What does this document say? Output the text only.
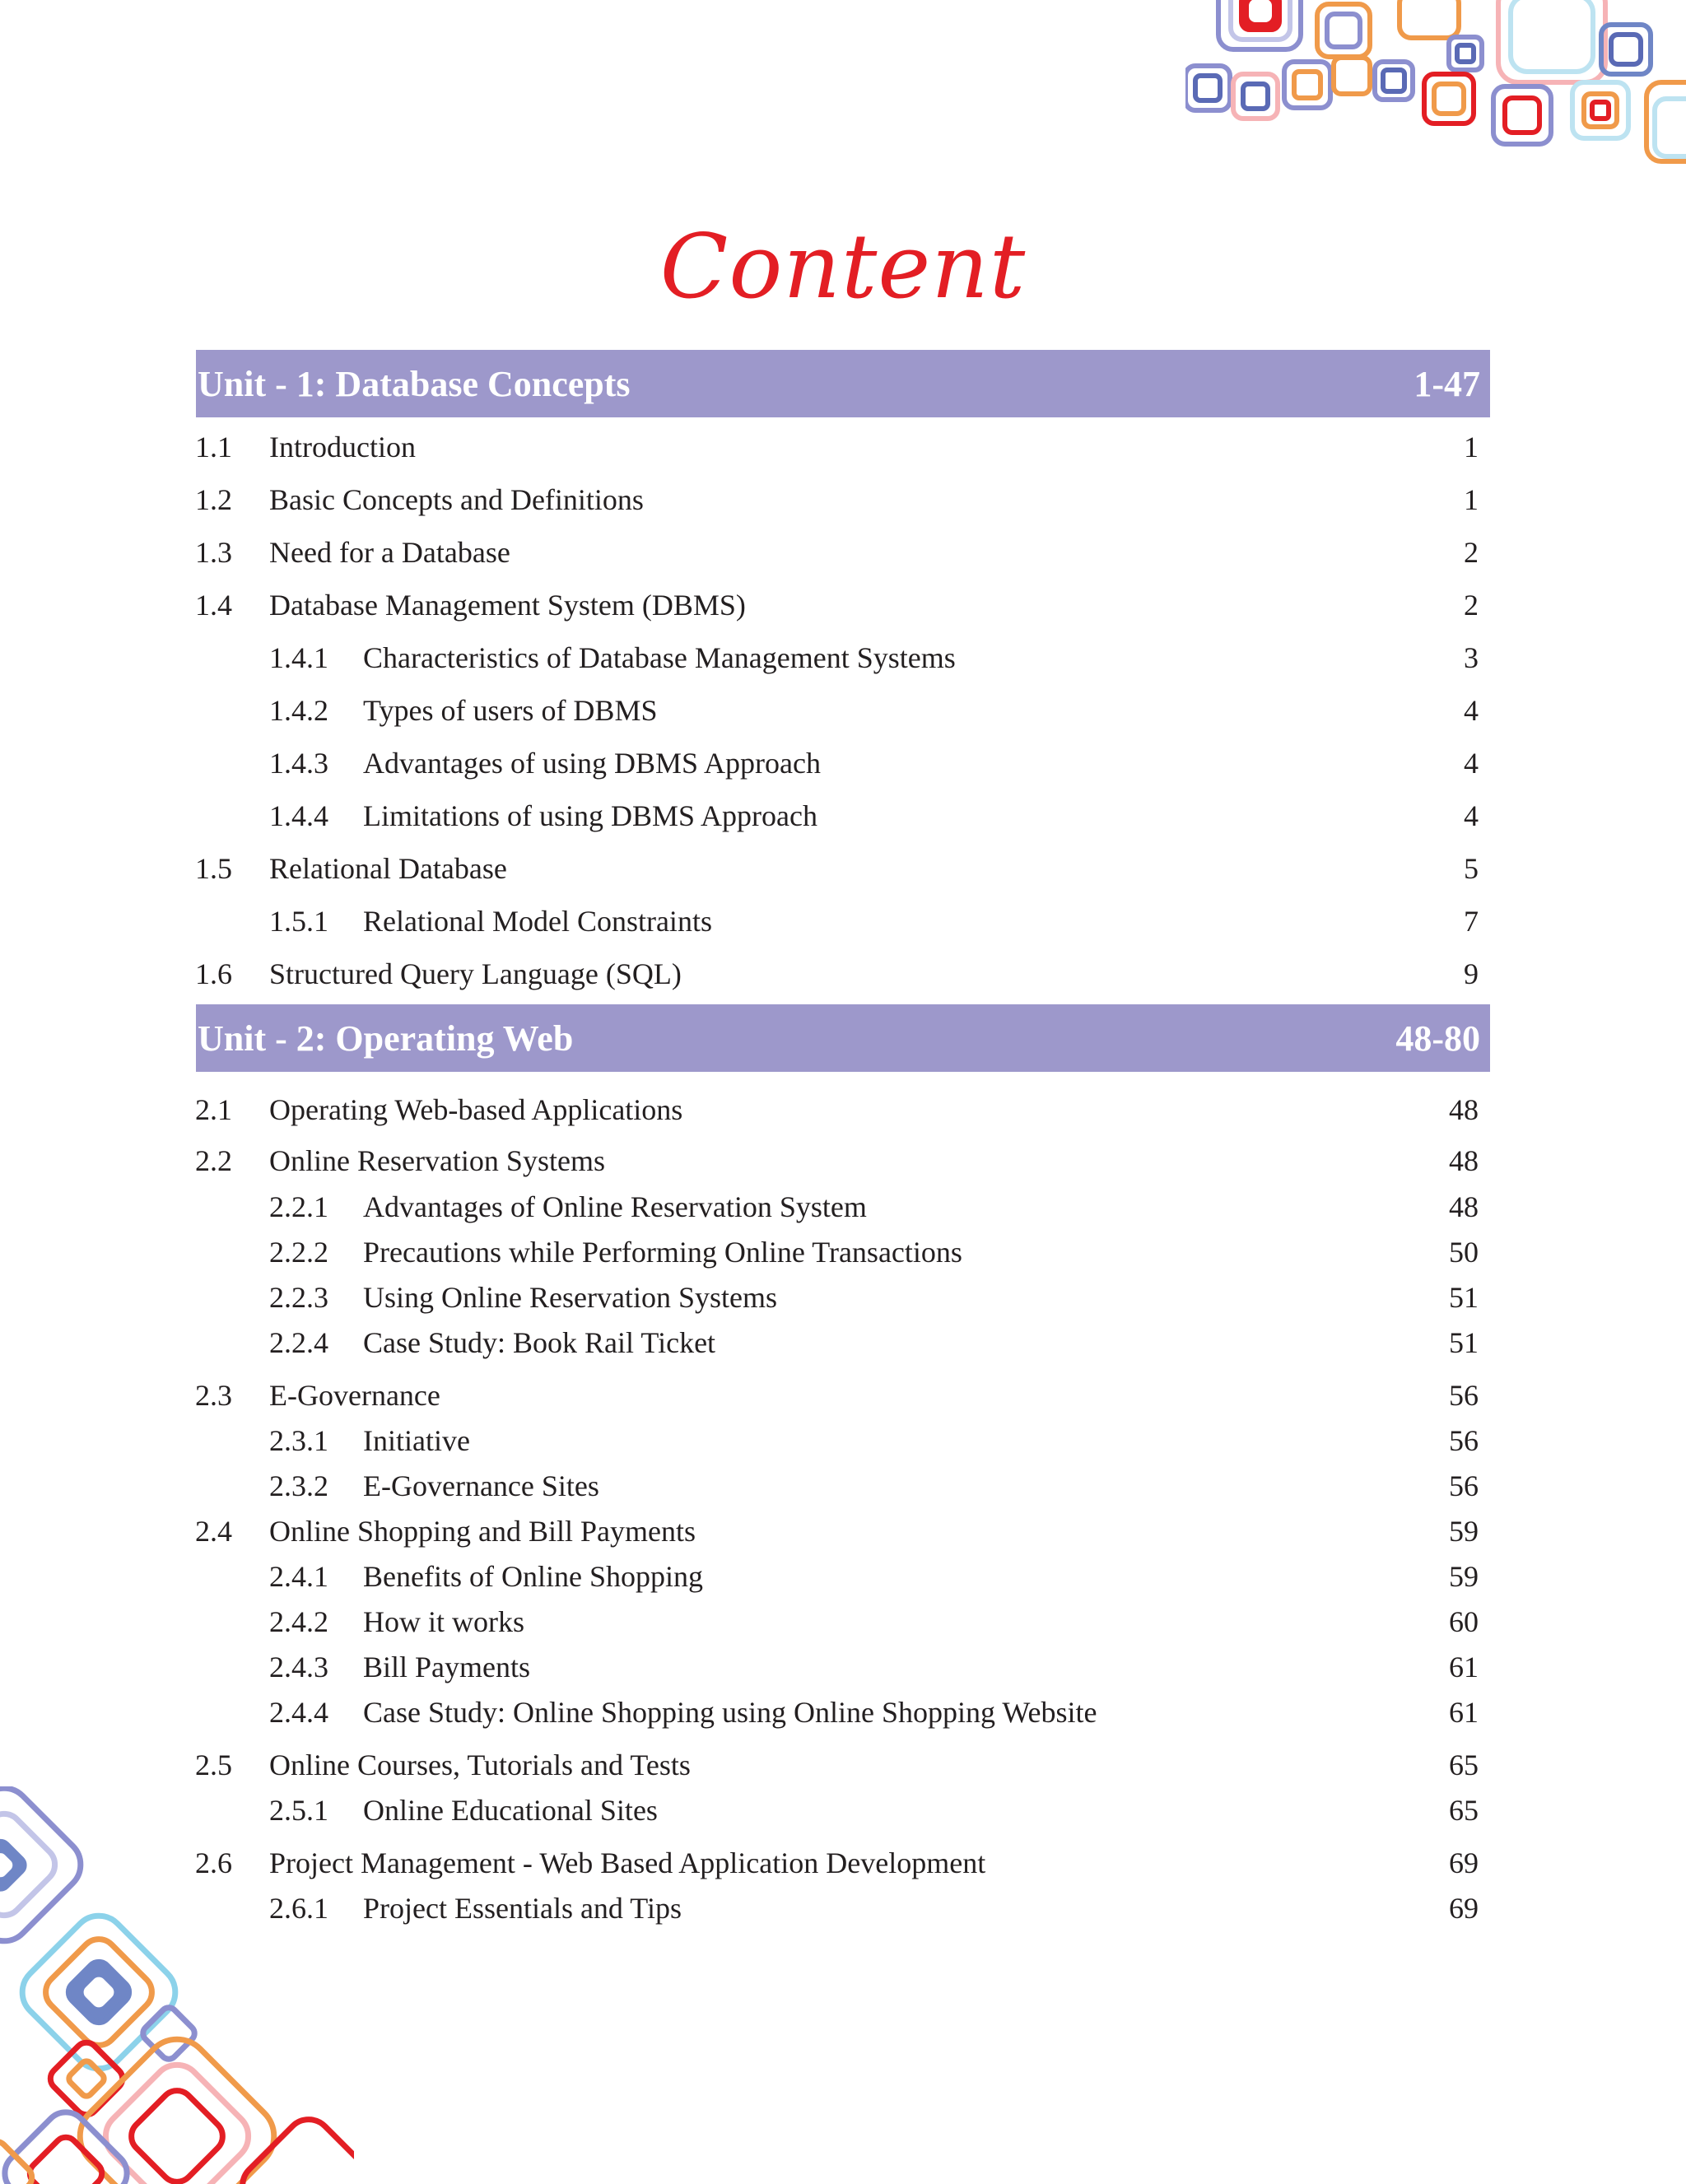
Content
Unit - 1: Database Concepts	1-47
1.1 Introduction	1
1.2 Basic Concepts and Definitions	1
1.3 Need for a Database	2
1.4 Database Management System (DBMS)	2
1.4.1 Characteristics of Database Management Systems	3
1.4.2 Types of users of DBMS	4
1.4.3 Advantages of using DBMS Approach	4
1.4.4 Limitations of using DBMS Approach	4
1.5 Relational Database	5
1.5.1 Relational Model Constraints	7
1.6 Structured Query Language (SQL)	9
Unit - 2: Operating Web	48-80
2.1 Operating Web-based Applications	48
2.2 Online Reservation Systems	48
2.2.1 Advantages of Online Reservation System	48
2.2.2 Precautions while Performing Online Transactions	50
2.2.3 Using Online Reservation Systems	51
2.2.4 Case Study: Book Rail Ticket	51
2.3 E-Governance	56
2.3.1 Initiative	56
2.3.2 E-Governance Sites	56
2.4 Online Shopping and Bill Payments	59
2.4.1 Benefits of Online Shopping	59
2.4.2 How it works	60
2.4.3 Bill Payments	61
2.4.4 Case Study: Online Shopping using Online Shopping Website	61
2.5 Online Courses, Tutorials and Tests	65
2.5.1 Online Educational Sites	65
2.6 Project Management - Web Based Application Development	69
2.6.1 Project Essentials and Tips	69
